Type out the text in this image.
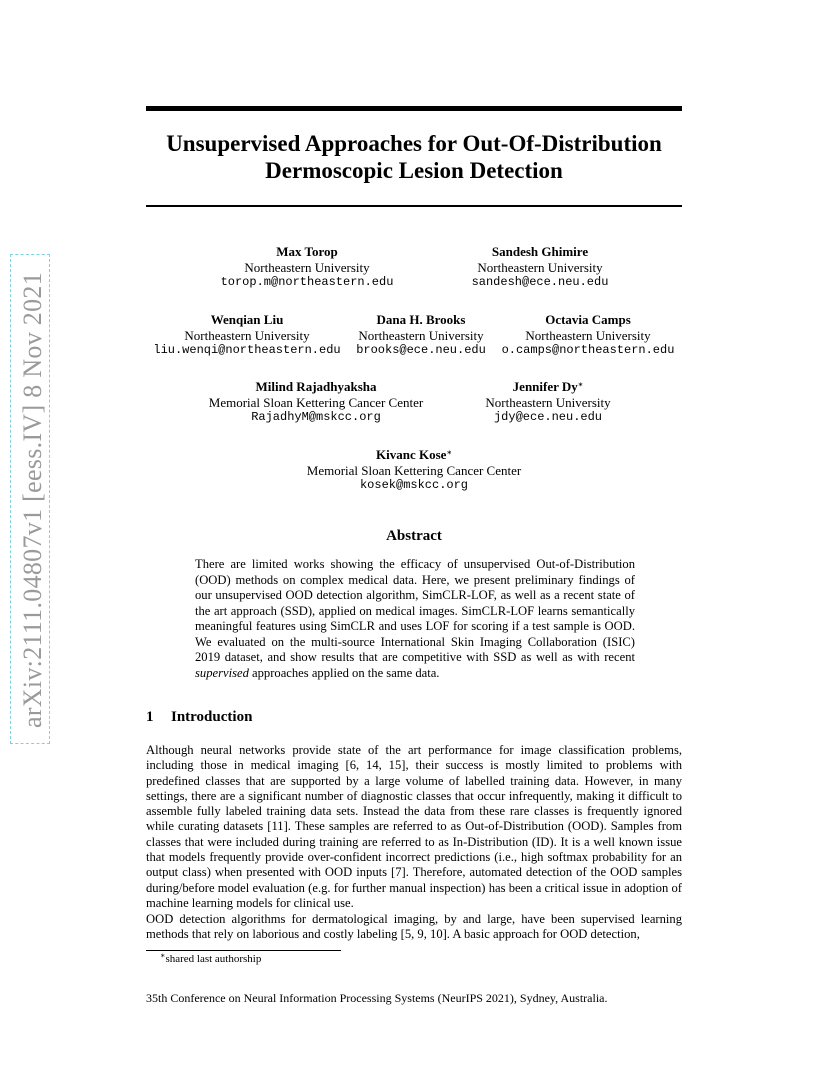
arXiv:2111.04807v1 [eess.IV] 8 Nov 2021
Unsupervised Approaches for Out-Of-Distribution
Dermoscopic Lesion Detection
Max Torop
Northeastern University
torop.m@northeastern.edu
Sandesh Ghimire
Northeastern University
sandesh@ece.neu.edu
Wenqian Liu
Northeastern University
liu.wenqi@northeastern.edu
Dana H. Brooks
Northeastern University
brooks@ece.neu.edu
Octavia Camps
Northeastern University
o.camps@northeastern.edu
Milind Rajadhyaksha
Memorial Sloan Kettering Cancer Center
RajadhyM@mskcc.org
Jennifer Dy∗
Northeastern University
jdy@ece.neu.edu
Kivanc Kose∗
Memorial Sloan Kettering Cancer Center
kosek@mskcc.org
Abstract
There are limited works showing the efficacy of unsupervised Out-of-Distribution (OOD) methods on complex medical data. Here, we present preliminary findings of our unsupervised OOD detection algorithm, SimCLR-LOF, as well as a recent state of the art approach (SSD), applied on medical images. SimCLR-LOF learns semantically meaningful features using SimCLR and uses LOF for scoring if a test sample is OOD. We evaluated on the multi-source International Skin Imaging Collaboration (ISIC) 2019 dataset, and show results that are competitive with SSD as well as with recent supervised approaches applied on the same data.
1 Introduction
Although neural networks provide state of the art performance for image classification problems, including those in medical imaging [6, 14, 15], their success is mostly limited to problems with predefined classes that are supported by a large volume of labelled training data. However, in many settings, there are a significant number of diagnostic classes that occur infrequently, making it difficult to assemble fully labeled training data sets. Instead the data from these rare classes is frequently ignored while curating datasets [11]. These samples are referred to as Out-of-Distribution (OOD). Samples from classes that were included during training are referred to as In-Distribution (ID). It is a well known issue that models frequently provide over-confident incorrect predictions (i.e., high softmax probability for an output class) when presented with OOD inputs [7]. Therefore, automated detection of the OOD samples during/before model evaluation (e.g. for further manual inspection) has been a critical issue in adoption of machine learning models for clinical use.
OOD detection algorithms for dermatological imaging, by and large, have been supervised learning methods that rely on laborious and costly labeling [5, 9, 10]. A basic approach for OOD detection,
∗shared last authorship
35th Conference on Neural Information Processing Systems (NeurIPS 2021), Sydney, Australia.
